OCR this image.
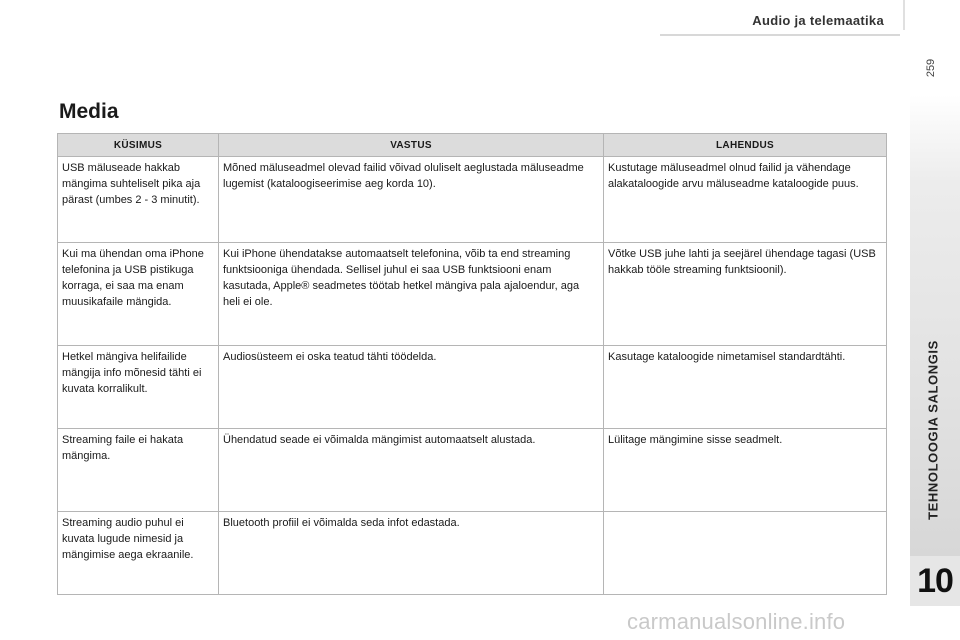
Audio ja telemaatika
259
TEHNOLOOGIA SALONGIS
10
Media
KÜSIMUS	VASTUS	LAHENDUS
USB mäluseade hakkab mängima suhteliselt pika aja pärast (umbes 2 - 3 minutit).	Mõned mäluseadmel olevad failid võivad oluliselt aeglustada mäluseadme lugemist (kataloogiseerimise aeg korda 10).	Kustutage mäluseadmel olnud failid ja vähendage alakataloogide arvu mäluseadme kataloogide puus.
Kui ma ühendan oma iPhone telefonina ja USB pistikuga korraga, ei saa ma enam muusikafaile mängida.	Kui iPhone ühendatakse automaatselt telefonina, võib ta end streaming funktsiooniga ühendada. Sellisel juhul ei saa USB funktsiooni enam kasutada, Apple® seadmetes töötab hetkel mängiva pala ajaloendur, aga heli ei ole.	Võtke USB juhe lahti ja seejärel ühendage tagasi (USB hakkab tööle streaming funktsioonil).
Hetkel mängiva helifailide mängija info mõnesid tähti ei kuvata korralikult.	Audiosüsteem ei oska teatud tähti töödelda.	Kasutage kataloogide nimetamisel standardtähti.
Streaming faile ei hakata mängima.	Ühendatud seade ei võimalda mängimist automaatselt alustada.	Lülitage mängimine sisse seadmelt.
Streaming audio puhul ei kuvata lugude nimesid ja mängimise aega ekraanile.	Bluetooth profiil ei võimalda seda infot edastada.	
carmanualsonline.info
